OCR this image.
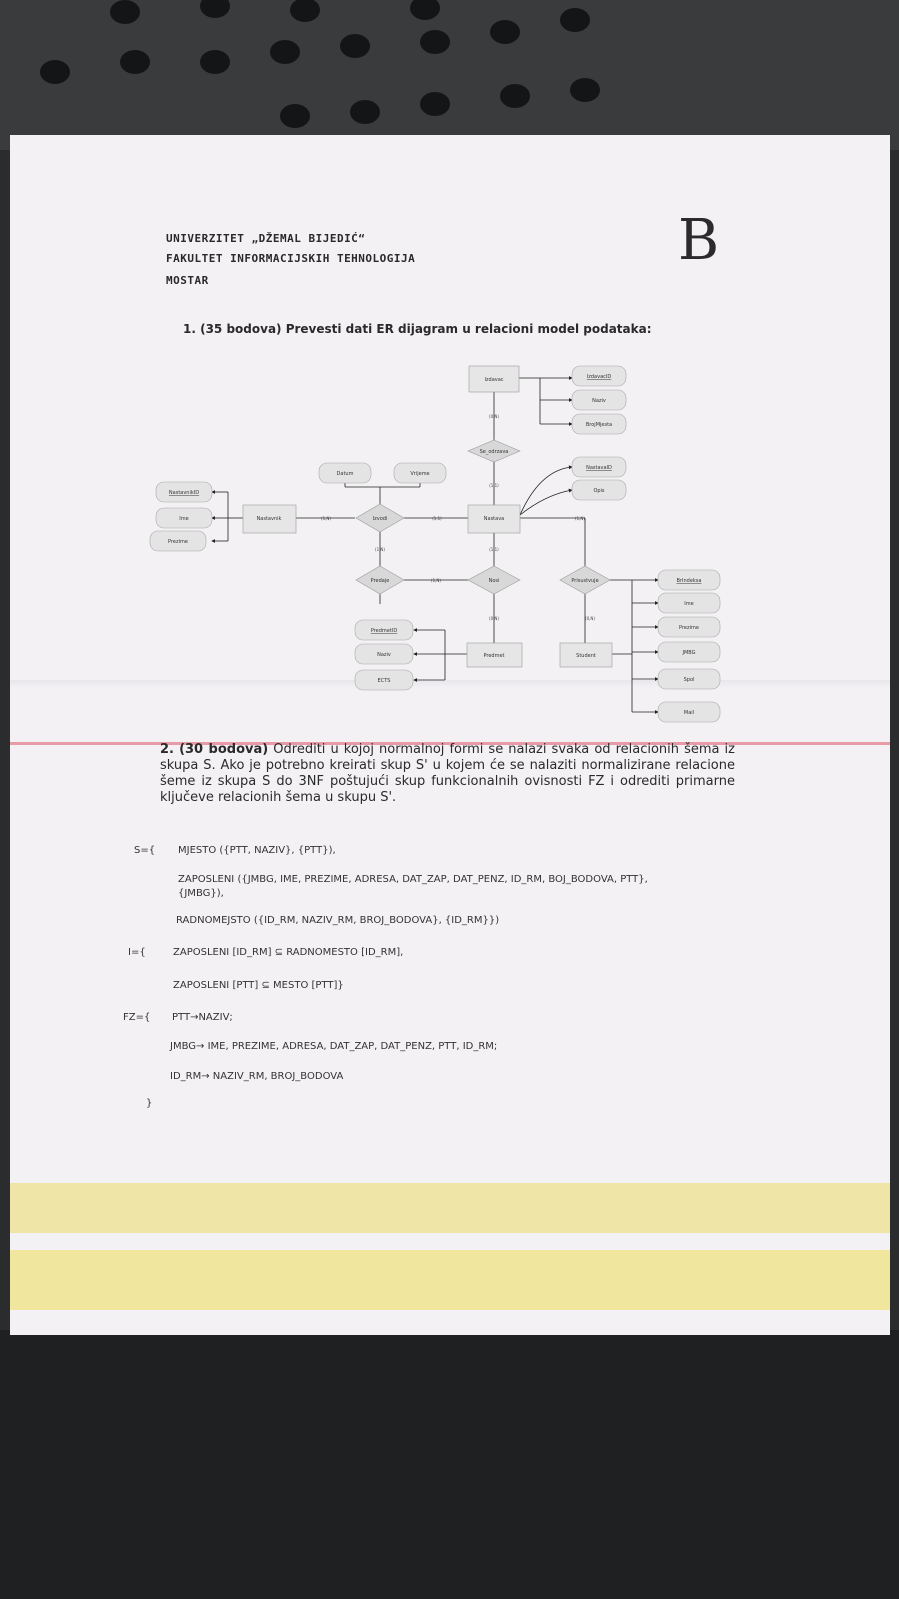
UNIVERZITET „DŽEMAL BIJEDIĆ“
FAKULTET INFORMACIJSKIH TEHNOLOGIJA
MOSTAR
B
1. (35 bodova) Prevesti dati ER dijagram u relacioni model podataka:
Izdavac
Nastavnik	Nastava
Predmet	Student
Se_odrzava
Izvodi
Predaje	Nosi	Prisustvuje
IzdavacID
Naziv
BrojMjesta
NastavaID
Opis
Datum	Vrijeme
NastavnikID
Ime
Prezime
PredmetID
Naziv
ECTS
BrIndeksa
Ime
Prezime
JMBG
Spol
Mail
(0,N)
(1,1)
(1,N)	(1,1)	(1,N)
(1,N)	(1,1)
(1,N)
(0,N)	(0,N)
2. (30 bodova) Odrediti u kojoj normalnoj formi se nalazi svaka od relacionih šema iz skupa S. Ako je potrebno kreirati skup S' u kojem će se nalaziti normalizirane relacione šeme iz skupa S do 3NF poštujući skup funkcionalnih ovisnosti FZ i odrediti primarne ključeve relacionih šema u skupu S'.
S={ MJESTO ({PTT, NAZIV}, {PTT}),
ZAPOSLENI ({JMBG, IME, PREZIME, ADRESA, DAT_ZAP, DAT_PENZ, ID_RM, BOJ_BODOVA, PTT},
{JMBG}),
RADNOMEJSTO ({ID_RM, NAZIV_RM, BROJ_BODOVA}, {ID_RM}})
I={	ZAPOSLENI [ID_RM] ⊆ RADNOMESTO [ID_RM],
ZAPOSLENI [PTT] ⊆ MESTO [PTT]}
FZ={ PTT→NAZIV;
JMBG→ IME, PREZIME, ADRESA, DAT_ZAP, DAT_PENZ, PTT, ID_RM;
ID_RM→ NAZIV_RM, BROJ_BODOVA
}
